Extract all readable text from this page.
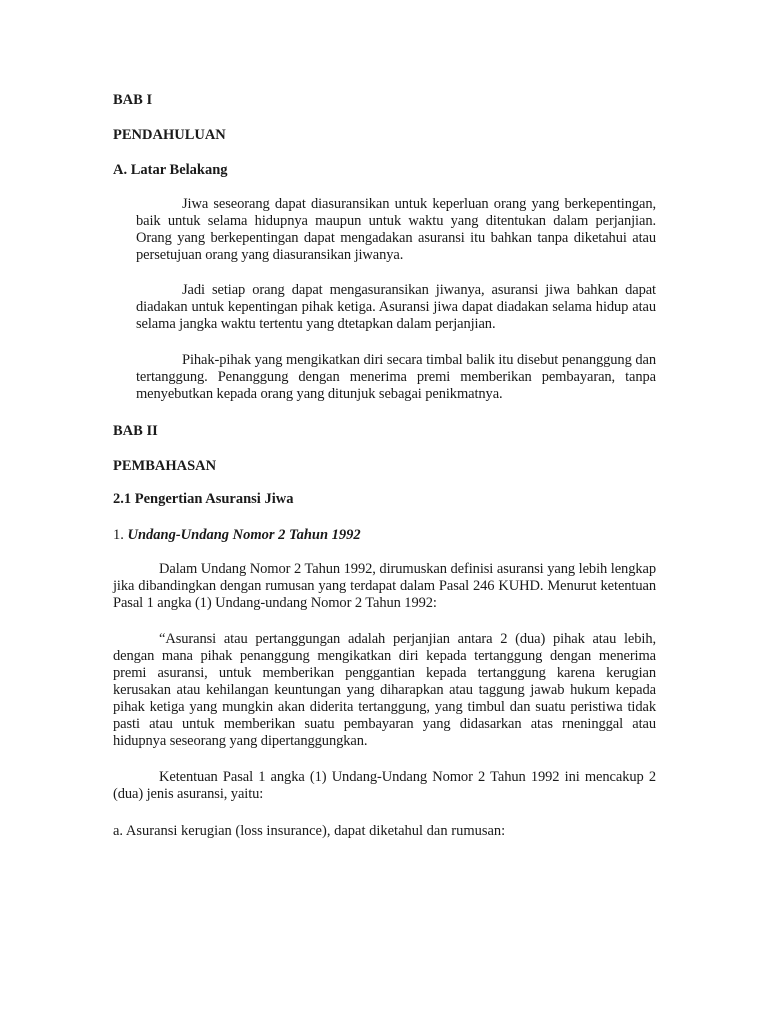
BAB I
PENDAHULUAN
A. Latar Belakang
Jiwa seseorang dapat diasuransikan untuk keperluan orang yang berkepentingan, baik untuk selama hidupnya maupun untuk waktu yang ditentukan dalam perjanjian. Orang yang berkepentingan dapat mengadakan asuransi itu bahkan tanpa diketahui atau persetujuan orang yang diasuransikan jiwanya.
Jadi setiap orang dapat mengasuransikan jiwanya, asuransi jiwa bahkan dapat diadakan untuk kepentingan pihak ketiga. Asuransi jiwa dapat diadakan selama hidup atau selama jangka waktu tertentu yang dtetapkan dalam perjanjian.
Pihak-pihak yang mengikatkan diri secara timbal balik itu disebut penanggung dan tertanggung. Penanggung dengan menerima premi memberikan pembayaran, tanpa menyebutkan kepada orang yang ditunjuk sebagai penikmatnya.
BAB II
PEMBAHASAN
2.1 Pengertian Asuransi Jiwa
1. Undang-Undang Nomor 2 Tahun 1992
Dalam Undang Nomor 2 Tahun 1992, dirumuskan definisi asuransi yang lebih lengkap jika dibandingkan dengan rumusan yang terdapat dalam Pasal 246 KUHD. Menurut ketentuan Pasal 1 angka (1) Undang-undang Nomor 2 Tahun 1992:
“Asuransi atau pertanggungan adalah perjanjian antara 2 (dua) pihak atau lebih, dengan mana pihak penanggung mengikatkan diri kepada tertanggung dengan menerima premi asuransi, untuk memberikan penggantian kepada tertanggung karena kerugian kerusakan atau kehilangan keuntungan yang diharapkan atau taggung jawab hukum kepada pihak ketiga yang mungkin akan diderita tertanggung, yang timbul dan suatu peristiwa tidak pasti atau untuk memberikan suatu pembayaran yang didasarkan atas rneninggal atau hidupnya seseorang yang dipertanggungkan.
Ketentuan Pasal 1 angka (1) Undang-Undang Nomor 2 Tahun 1992 ini mencakup 2 (dua) jenis asuransi, yaitu:
a. Asuransi kerugian (loss insurance), dapat diketahul dan rumusan:
